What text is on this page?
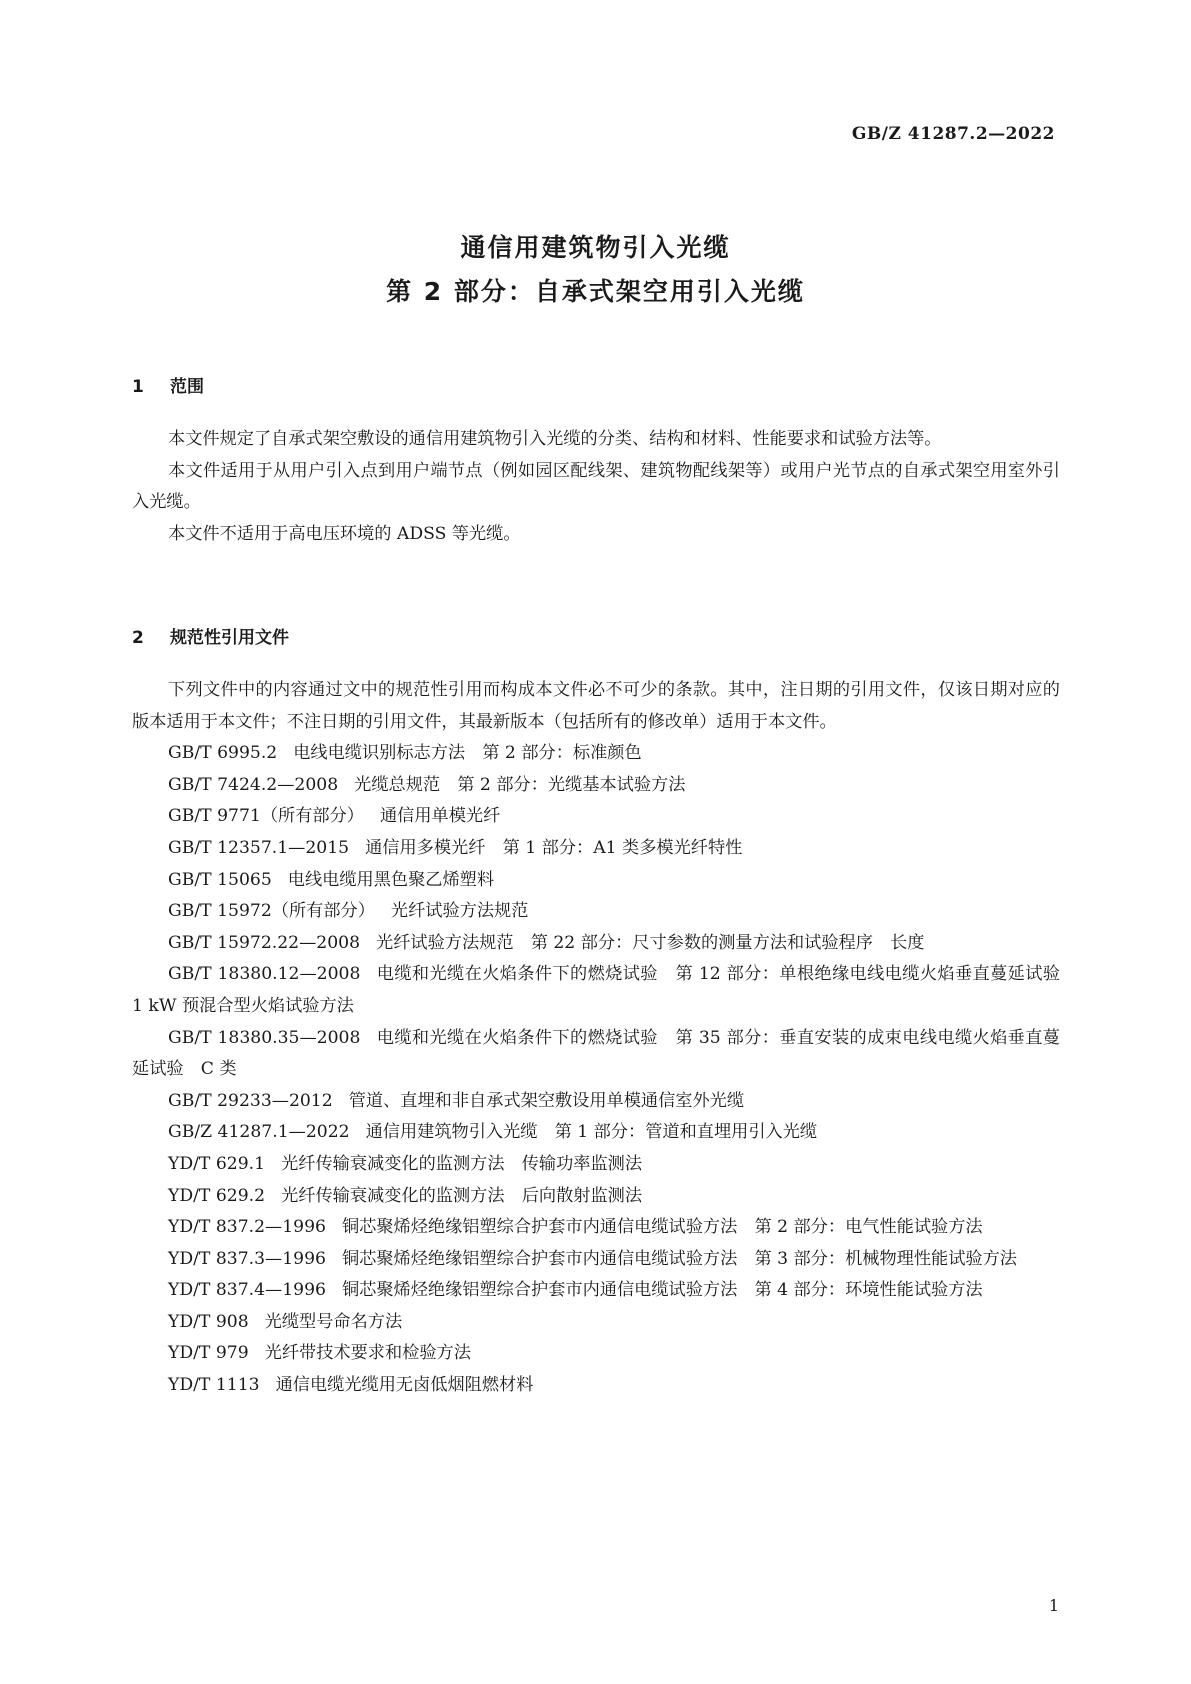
GB/Z 41287.2—2022
通信用建筑物引入光缆
第 2 部分：自承式架空用引入光缆
1 范围

本文件规定了自承式架空敷设的通信用建筑物引入光缆的分类、结构和材料、性能要求和试验方法等。

本文件适用于从用户引入点到用户端节点（例如园区配线架、建筑物配线架等）或用户光节点的自承式架空用室外引入光缆。

本文件不适用于高电压环境的 ADSS 等光缆。

2 规范性引用文件

下列文件中的内容通过文中的规范性引用而构成本文件必不可少的条款。其中，注日期的引用文件，仅该日期对应的版本适用于本文件；不注日期的引用文件，其最新版本（包括所有的修改单）适用于本文件。

GB/T 6995.2 电线电缆识别标志方法　第 2 部分：标准颜色

GB/T 7424.2—2008 光缆总规范　第 2 部分：光缆基本试验方法

GB/T 9771（所有部分） 通信用单模光纤

GB/T 12357.1—2015 通信用多模光纤　第 1 部分：A1 类多模光纤特性

GB/T 15065 电线电缆用黑色聚乙烯塑料

GB/T 15972（所有部分） 光纤试验方法规范

GB/T 15972.22—2008 光纤试验方法规范　第 22 部分：尺寸参数的测量方法和试验程序　长度

GB/T 18380.12—2008 电缆和光缆在火焰条件下的燃烧试验　第 12 部分：单根绝缘电线电缆火焰垂直蔓延试验　1 kW 预混合型火焰试验方法

GB/T 18380.35—2008 电缆和光缆在火焰条件下的燃烧试验　第 35 部分：垂直安装的成束电线电缆火焰垂直蔓延试验　C 类

GB/T 29233—2012 管道、直埋和非自承式架空敷设用单模通信室外光缆

GB/Z 41287.1—2022 通信用建筑物引入光缆　第 1 部分：管道和直埋用引入光缆

YD/T 629.1 光纤传输衰减变化的监测方法　传输功率监测法

YD/T 629.2 光纤传输衰减变化的监测方法　后向散射监测法

YD/T 837.2—1996 铜芯聚烯烃绝缘铝塑综合护套市内通信电缆试验方法　第 2 部分：电气性能试验方法

YD/T 837.3—1996 铜芯聚烯烃绝缘铝塑综合护套市内通信电缆试验方法　第 3 部分：机械物理性能试验方法

YD/T 837.4—1996 铜芯聚烯烃绝缘铝塑综合护套市内通信电缆试验方法　第 4 部分：环境性能试验方法

YD/T 908 光缆型号命名方法

YD/T 979 光纤带技术要求和检验方法

YD/T 1113 通信电缆光缆用无卤低烟阻燃材料

1
